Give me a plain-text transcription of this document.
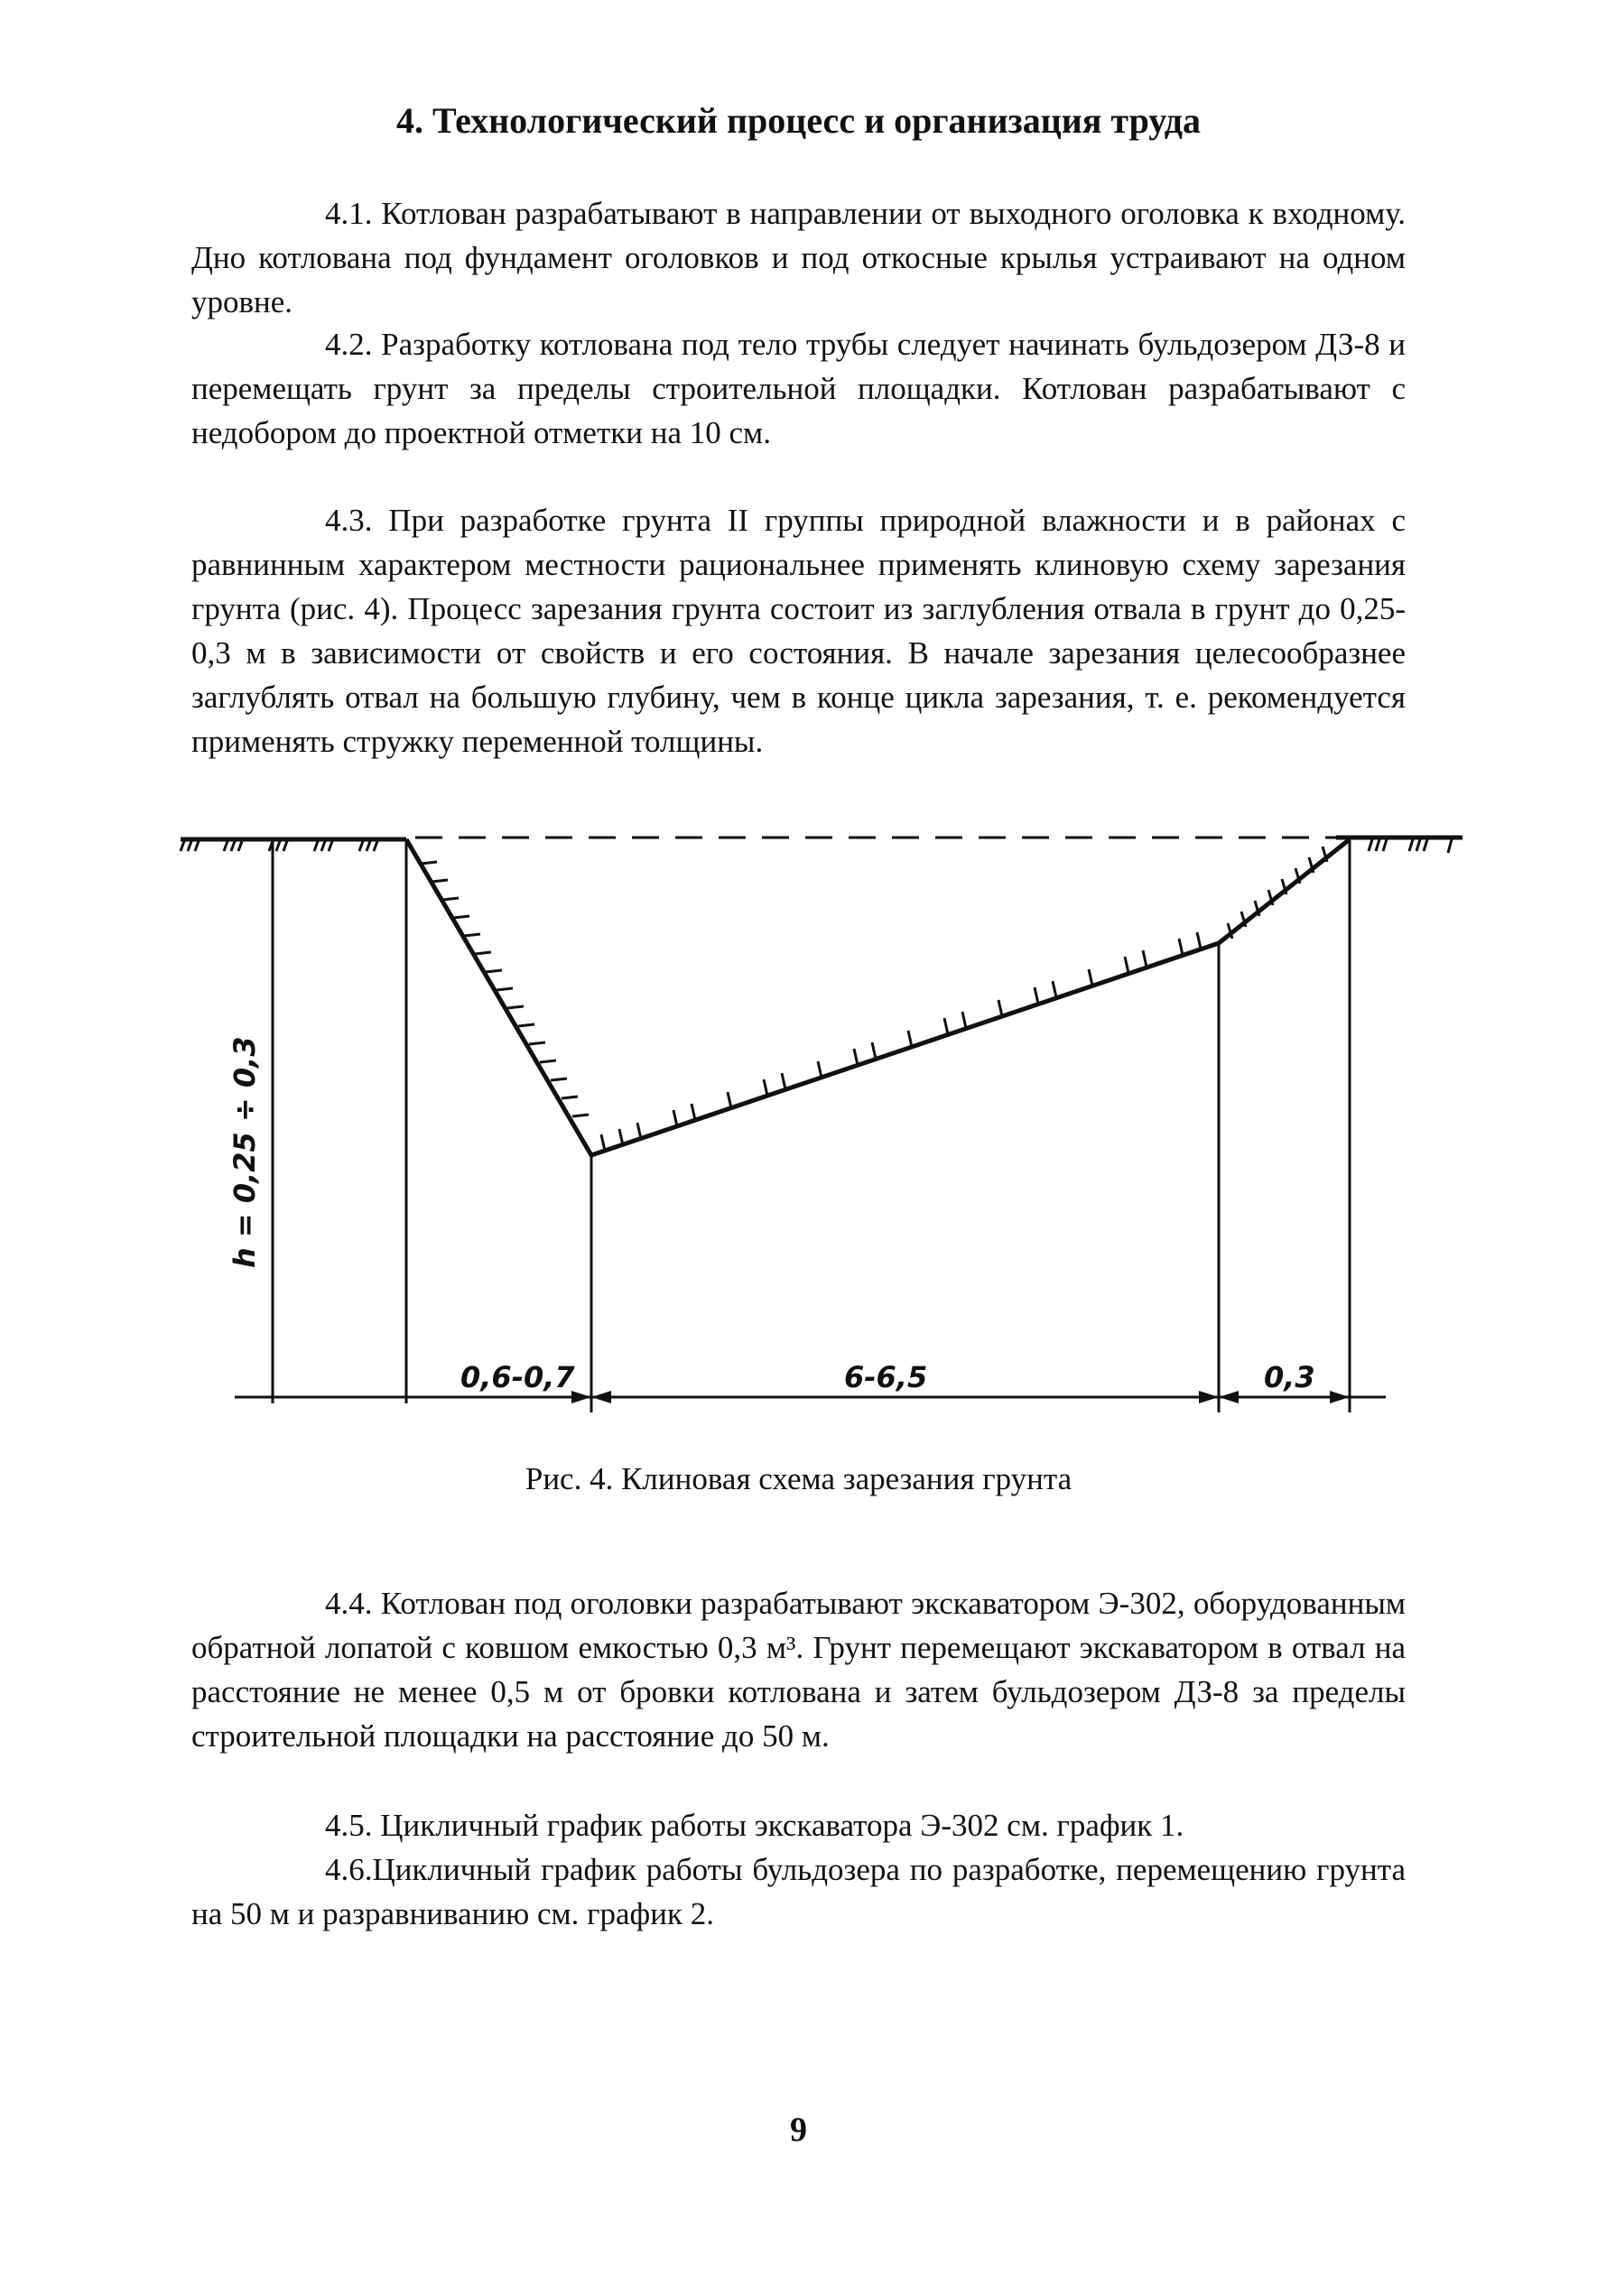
4. Технологический процесс и организация труда

4.1. Котлован разрабатывают в направлении от выходного оголовка к входному. Дно котлована под фундамент оголовков и под откосные крылья устраивают на одном уровне.

4.2. Разработку котлована под тело трубы следует начинать бульдозером ДЗ-8 и перемещать грунт за пределы строительной площадки. Котлован разрабатывают с недобором до проектной отметки на 10 см.

4.3. При разработке грунта II группы природной влажности и в районах с равнинным характером местности рациональнее применять клиновую схему зарезания грунта (рис. 4). Процесс зарезания грунта состоит из заглубления отвала в грунт до 0,25-0,3 м в зависимости от свойств и его состояния. В начале зарезания целесообразнее заглублять отвал на большую глубину, чем в конце цикла зарезания, т. е. рекомендуется применять стружку переменной толщины.

0,6-0,7	6-6,5	0,3
h = 0,25 ÷ 0,3

Рис. 4. Клиновая схема зарезания грунта

4.4. Котлован под оголовки разрабатывают экскаватором Э-302, оборудованным обратной лопатой с ковшом емкостью 0,3 м³. Грунт перемещают экскаватором в отвал на расстояние не менее 0,5 м от бровки котлована и затем бульдозером ДЗ-8 за пределы строительной площадки на расстояние до 50 м.

4.5. Цикличный график работы экскаватора Э-302 см. график 1.

4.6.Цикличный график работы бульдозера по разработке, перемещению грунта на 50 м и разравниванию см. график 2.

9
